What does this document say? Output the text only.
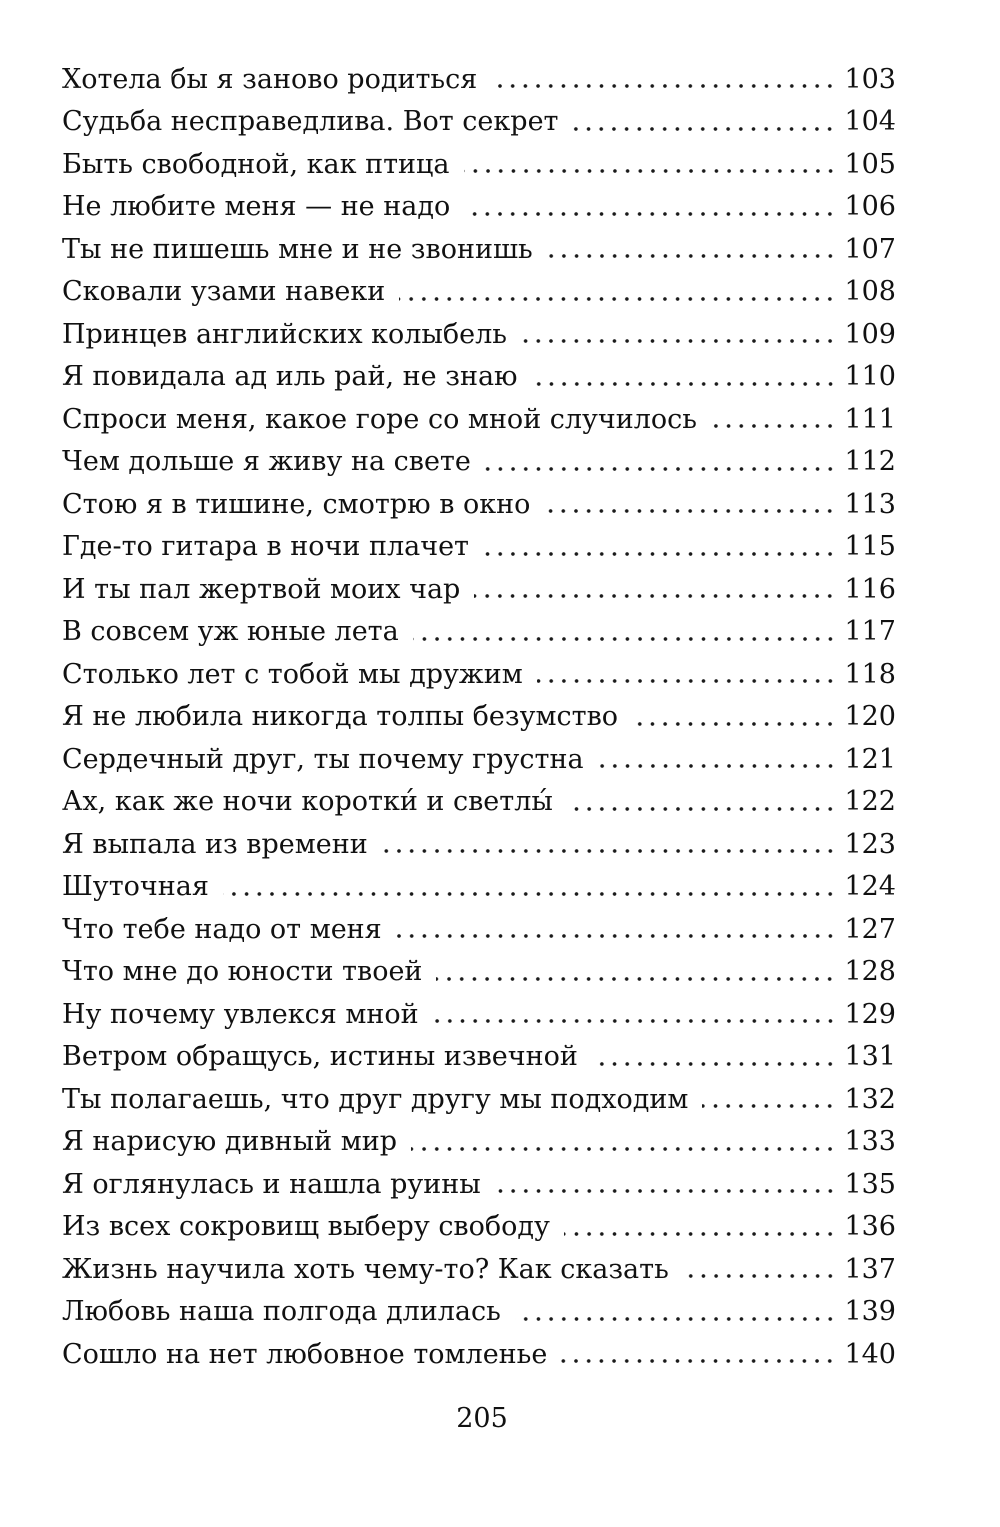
Хотела бы я заново родиться	103
Судьба несправедлива. Вот секрет	104
Быть свободной, как птица	105
Не любите меня — не надо	106
Ты не пишешь мне и не звонишь	107
Сковали узами навеки	108
Принцев английских колыбель	109
Я повидала ад иль рай, не знаю	110
Спроси меня, какое горе со мной случилось	111
Чем дольше я живу на свете	112
Стою я в тишине, смотрю в окно	113
Где-то гитара в ночи плачет	115
И ты пал жертвой моих чар	116
В совсем уж юные лета	117
Столько лет с тобой мы дружим	118
Я не любила никогда толпы безумство	120
Сердечный друг, ты почему грустна	121
Ах, как же ночи коротки́ и светлы́	122
Я выпала из времени	123
Шуточная	124
Что тебе надо от меня	127
Что мне до юности твоей	128
Ну почему увлекся мной	129
Ветром обращусь, истины извечной	131
Ты полагаешь, что друг другу мы подходим	132
Я нарисую дивный мир	133
Я оглянулась и нашла руины	135
Из всех сокровищ выберу свободу	136
Жизнь научила хоть чему-то? Как сказать	137
Любовь наша полгода длилась	139
Сошло на нет любовное томленье	140
205
